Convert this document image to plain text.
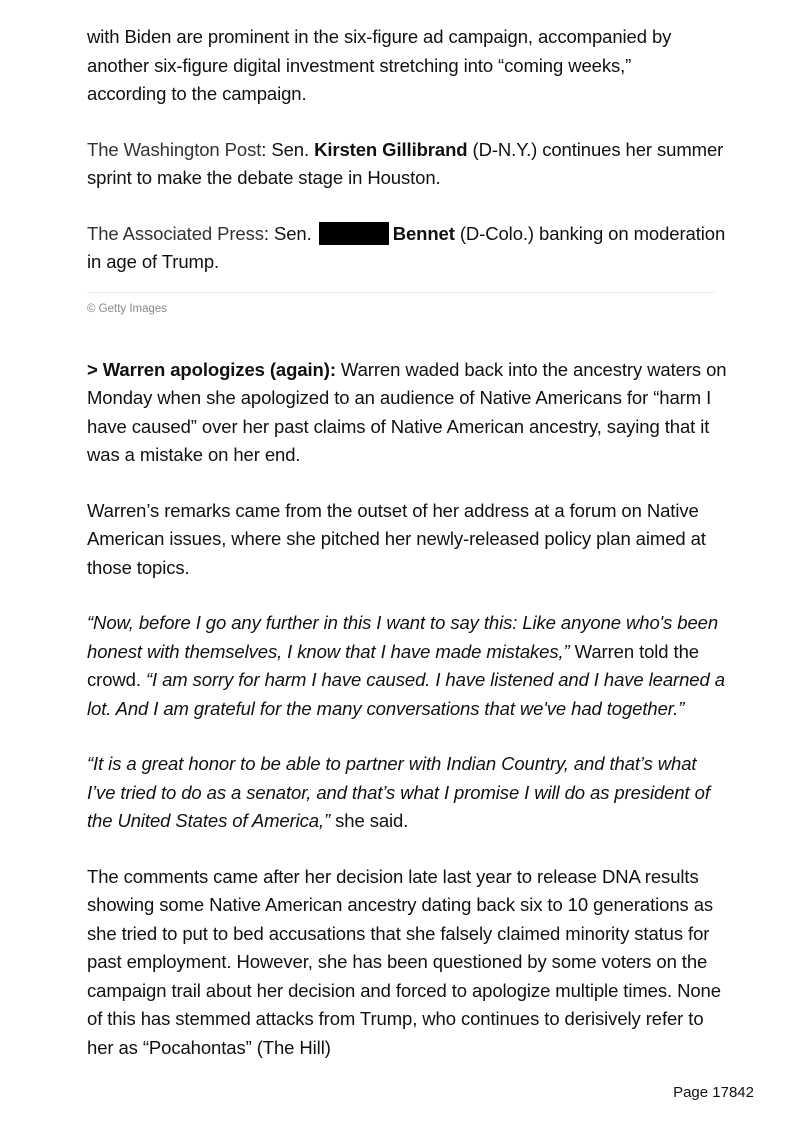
with Biden are prominent in the six-figure ad campaign, accompanied by
another six-figure digital investment stretching into “coming weeks,”
according to the campaign.

The Washington Post: Sen. Kirsten Gillibrand (D-N.Y.) continues her summer sprint to make the debate stage in Houston.

The Associated Press: Sen.	Bennet (D-Colo.) banking on moderation in age of Trump.

© Getty Images

> Warren apologizes (again): Warren waded back into the ancestry waters on Monday when she apologized to an audience of Native Americans for “harm I have caused” over her past claims of Native American ancestry, saying that it was a mistake on her end.

Warren’s remarks came from the outset of her address at a forum on Native American issues, where she pitched her newly-released policy plan aimed at those topics.

“Now, before I go any further in this I want to say this: Like anyone who's been honest with themselves, I know that I have made mistakes,” Warren told the crowd. “I am sorry for harm I have caused. I have listened and I have learned a lot. And I am grateful for the many conversations that we've had together.”

“It is a great honor to be able to partner with Indian Country, and that’s what I’ve tried to do as a senator, and that’s what I promise I will do as president of the United States of America,” she said.

The comments came after her decision late last year to release DNA results showing some Native American ancestry dating back six to 10 generations as she tried to put to bed accusations that she falsely claimed minority status for past employment. However, she has been questioned by some voters on the campaign trail about her decision and forced to apologize multiple times. None of this has stemmed attacks from Trump, who continues to derisively refer to her as “Pocahontas” (The Hill)

Page 17842
